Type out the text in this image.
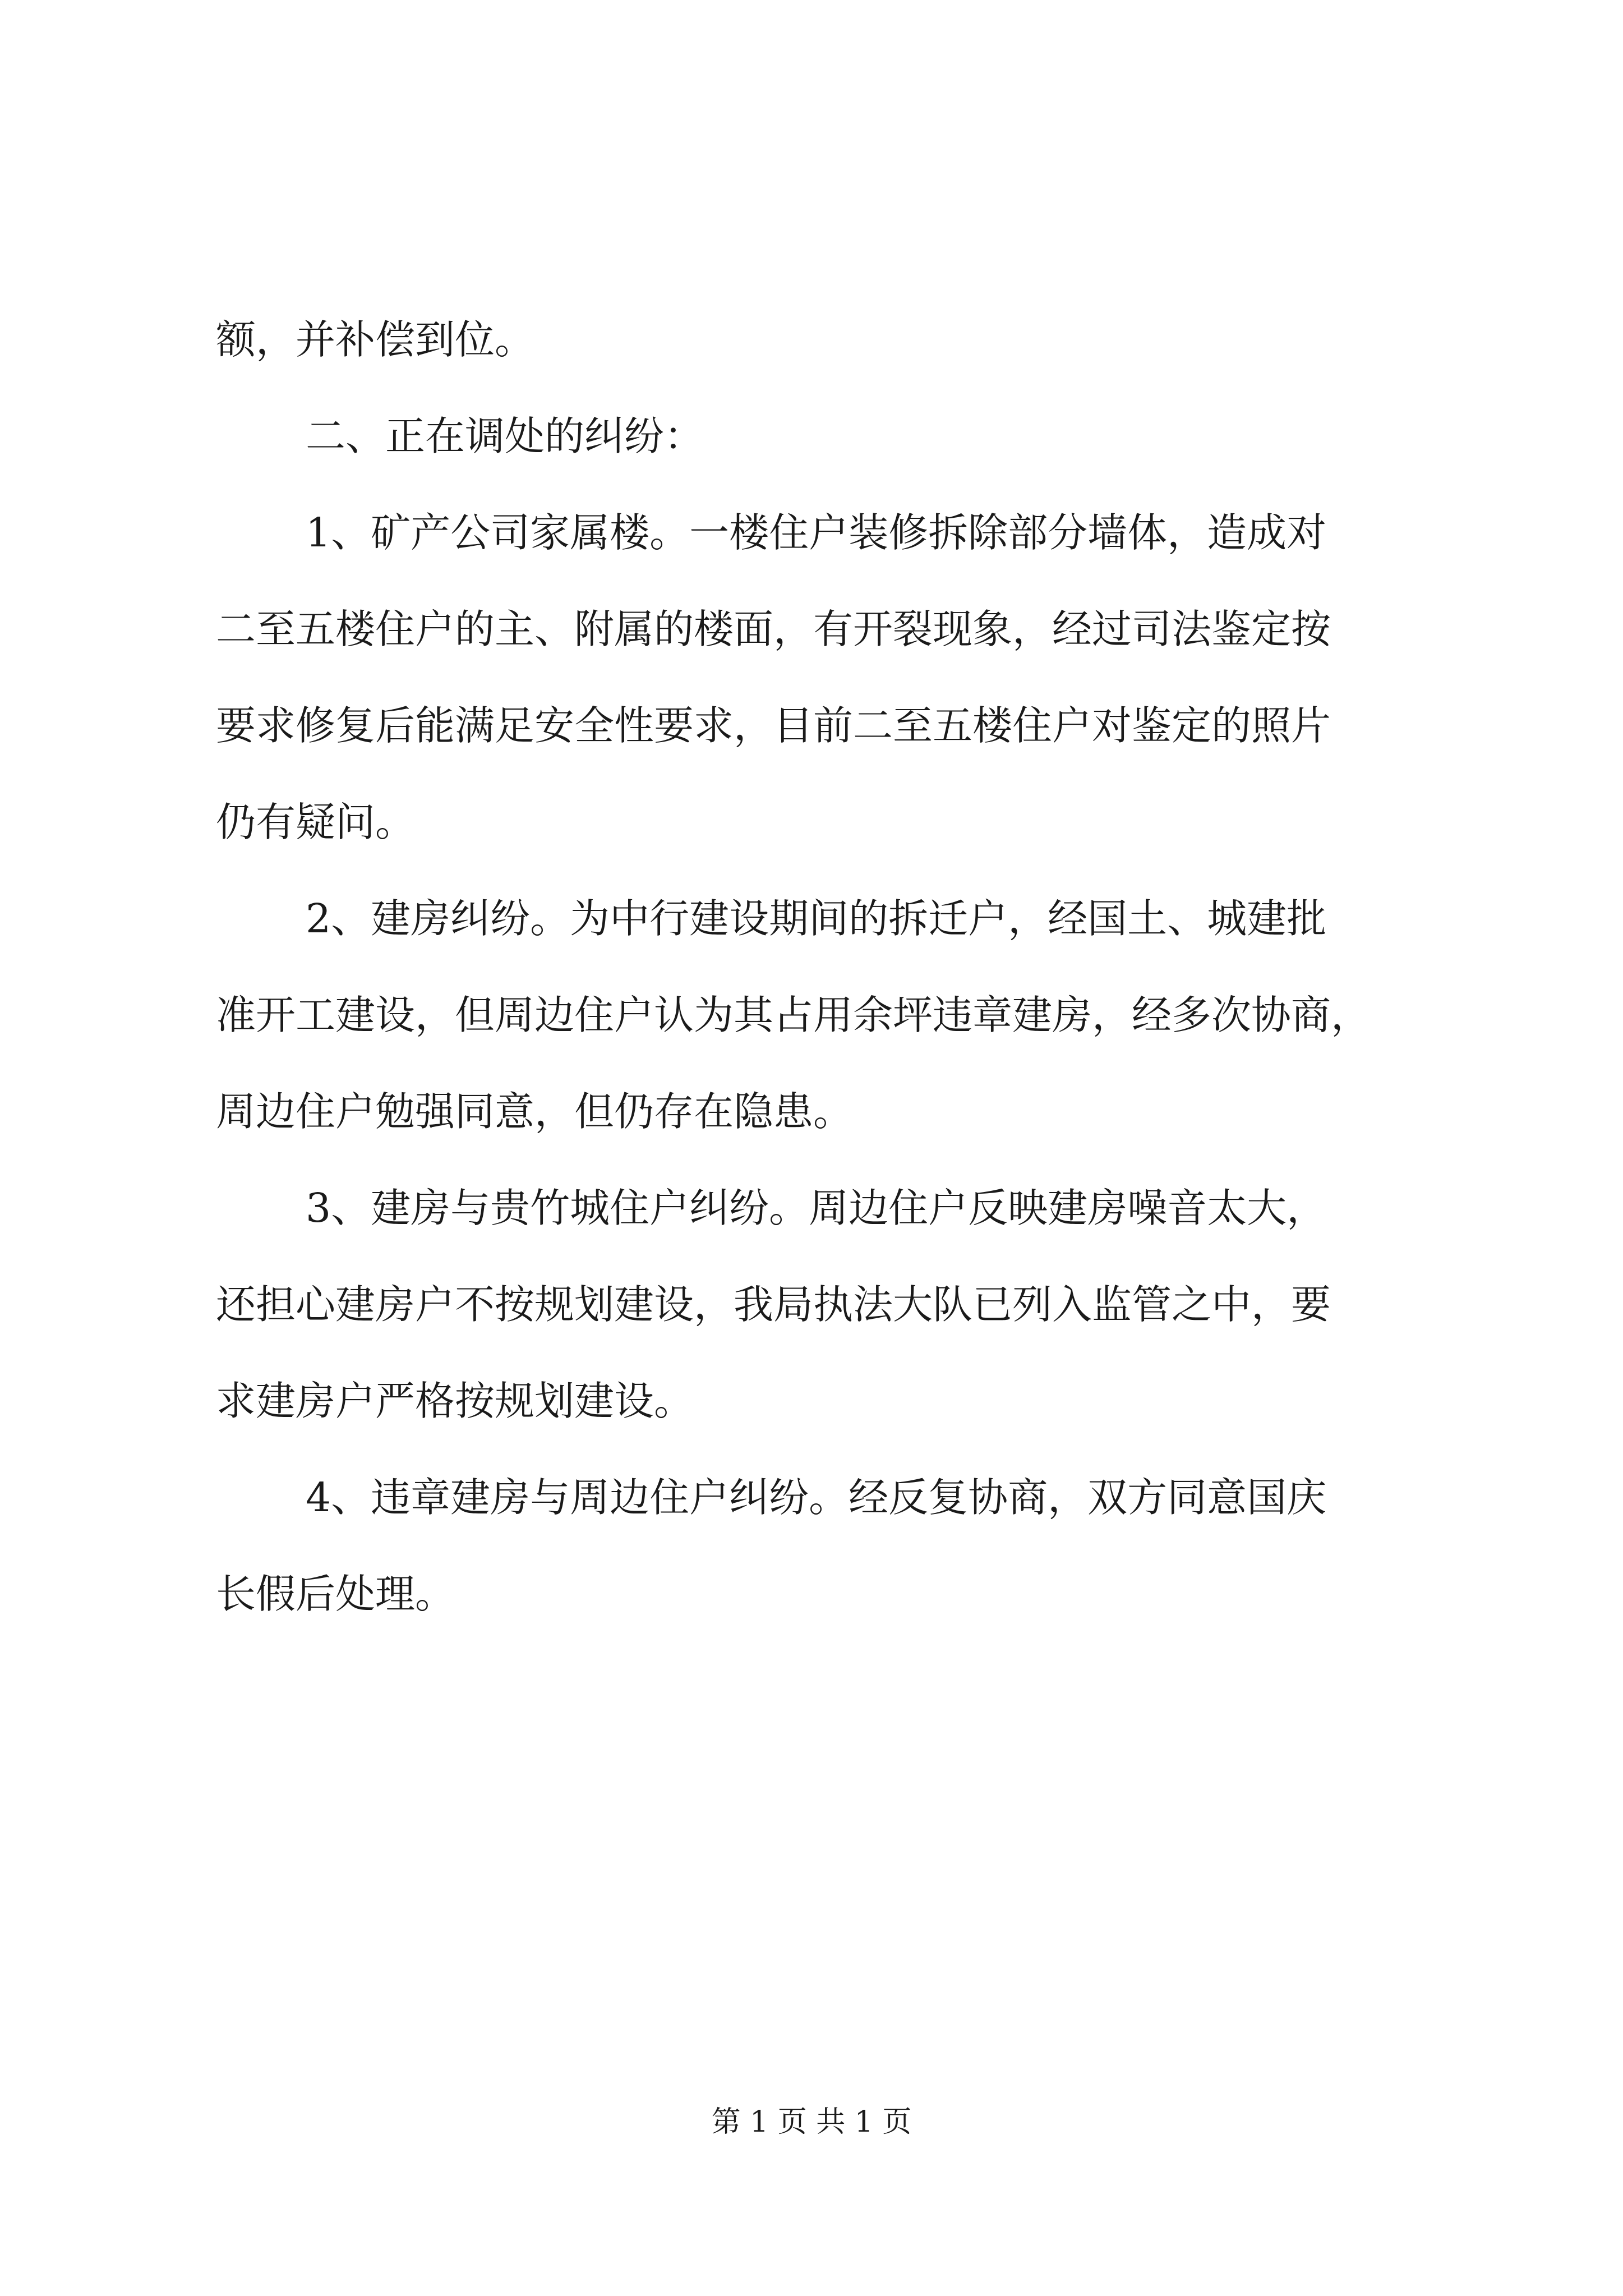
额，并补偿到位。
二、正在调处的纠纷：
1、矿产公司家属楼。一楼住户装修拆除部分墙体，造成对
二至五楼住户的主、附属的楼面，有开裂现象，经过司法鉴定按
要求修复后能满足安全性要求，目前二至五楼住户对鉴定的照片
仍有疑问。
2、建房纠纷。为中行建设期间的拆迁户，经国土、城建批
准开工建设，但周边住户认为其占用余坪违章建房，经多次协商，
周边住户勉强同意，但仍存在隐患。
3、建房与贵竹城住户纠纷。周边住户反映建房噪音太大，
还担心建房户不按规划建设，我局执法大队已列入监管之中，要
求建房户严格按规划建设。
4、违章建房与周边住户纠纷。经反复协商，双方同意国庆
长假后处理。
第 1 页 共 1 页
